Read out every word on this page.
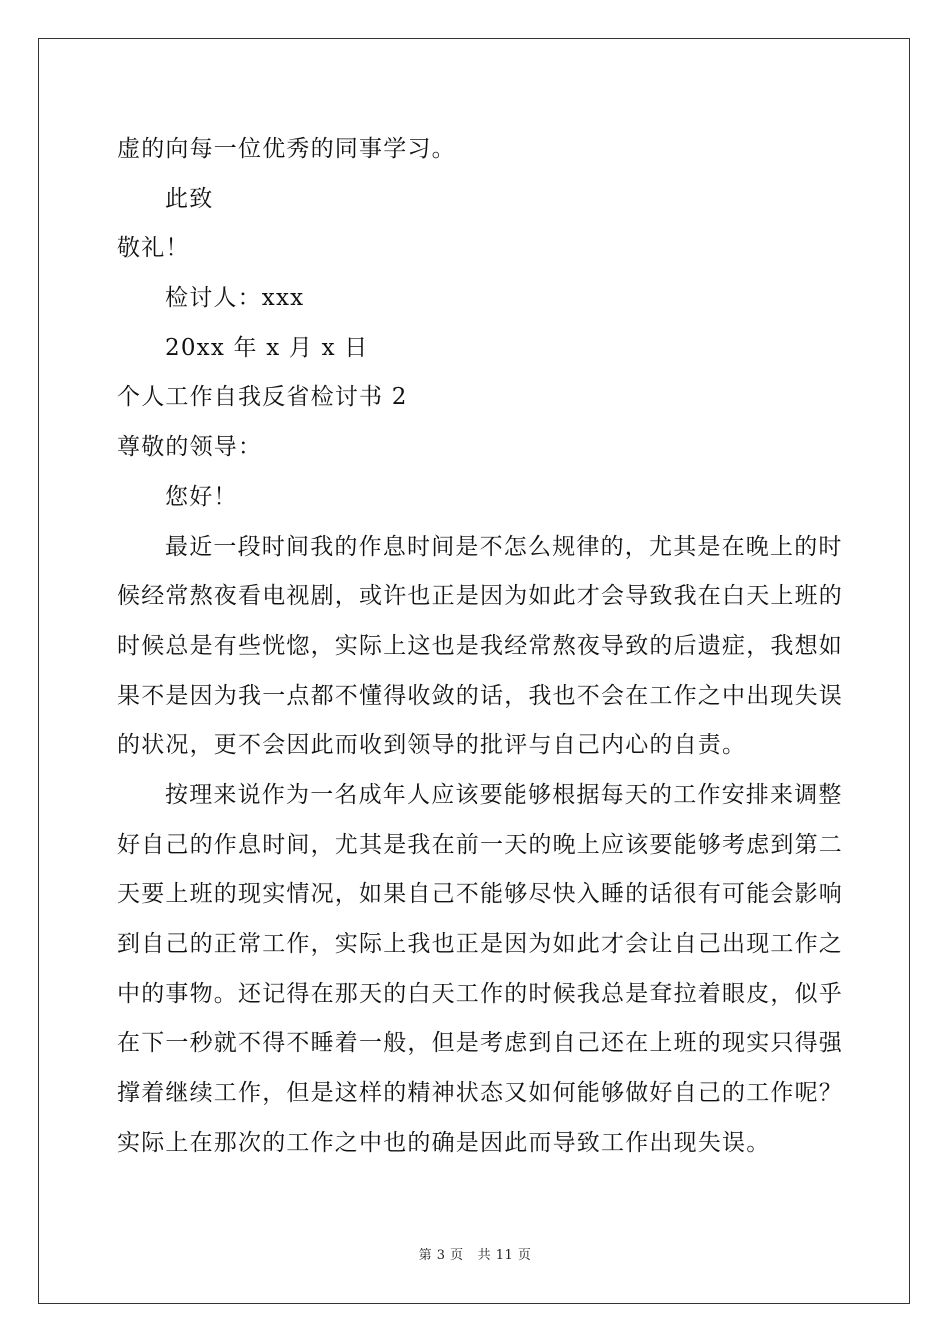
虚的向每一位优秀的同事学习。
此致
敬礼！
检讨人：xxx
20xx 年 x 月 x 日
个人工作自我反省检讨书 2
尊敬的领导：
您好！
最近一段时间我的作息时间是不怎么规律的，尤其是在晚上的时
候经常熬夜看电视剧，或许也正是因为如此才会导致我在白天上班的
时候总是有些恍惚，实际上这也是我经常熬夜导致的后遗症，我想如
果不是因为我一点都不懂得收敛的话，我也不会在工作之中出现失误
的状况，更不会因此而收到领导的批评与自己内心的自责。
按理来说作为一名成年人应该要能够根据每天的工作安排来调整
好自己的作息时间，尤其是我在前一天的晚上应该要能够考虑到第二
天要上班的现实情况，如果自己不能够尽快入睡的话很有可能会影响
到自己的正常工作，实际上我也正是因为如此才会让自己出现工作之
中的事物。还记得在那天的白天工作的时候我总是耷拉着眼皮，似乎
在下一秒就不得不睡着一般，但是考虑到自己还在上班的现实只得强
撑着继续工作，但是这样的精神状态又如何能够做好自己的工作呢？
实际上在那次的工作之中也的确是因此而导致工作出现失误。
第 3 页 共 11 页
